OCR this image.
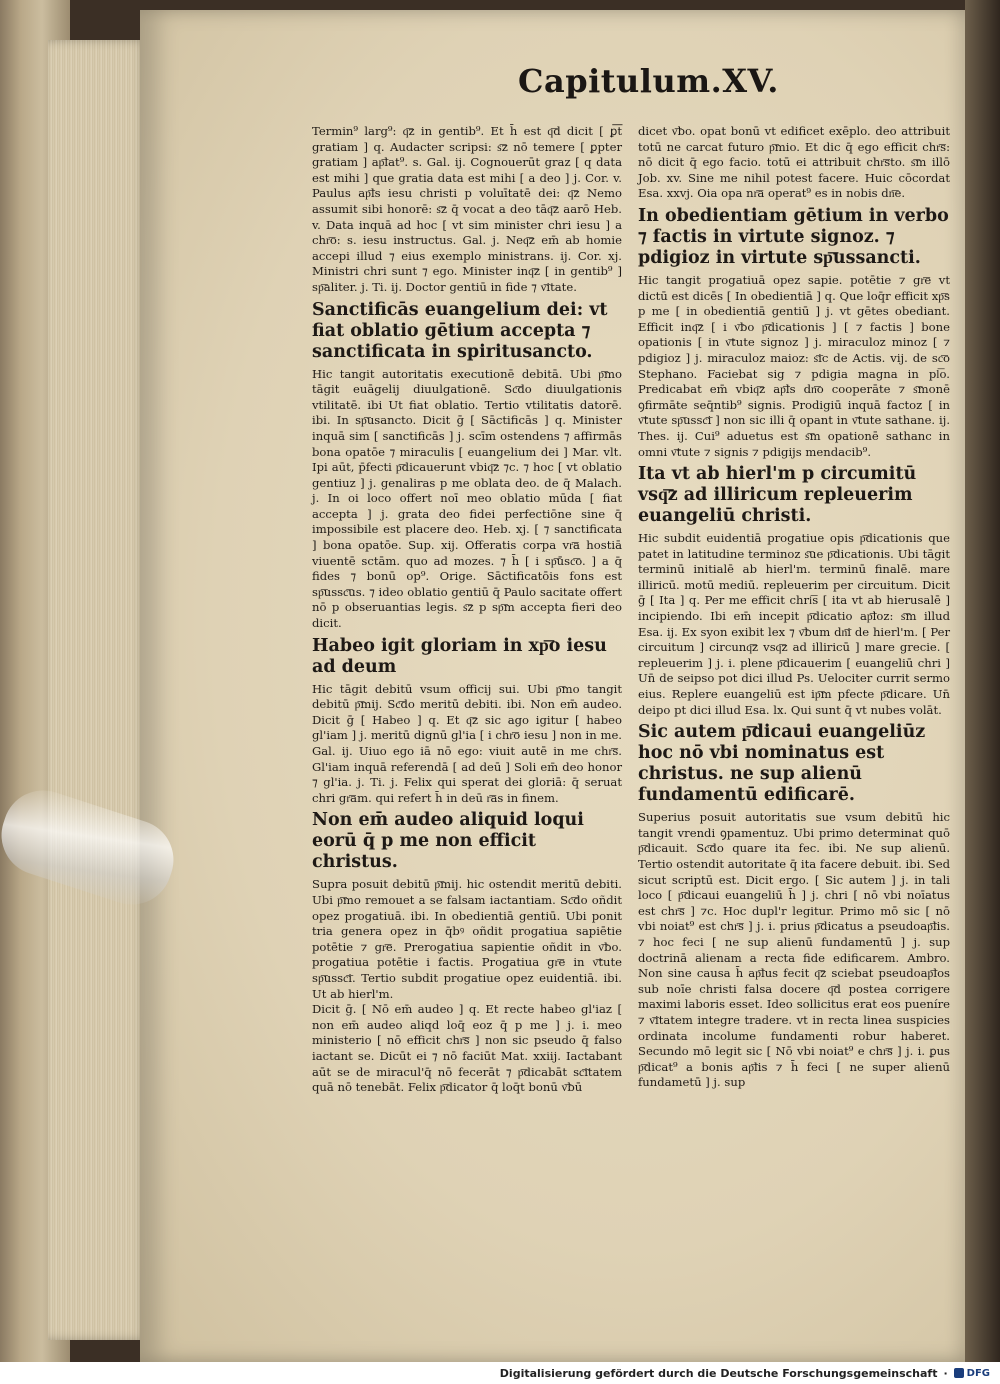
Capitulum.XV.

Termin⁹ larg⁹: q͞z in gentib⁹. Et h̄ est q͞d dicit [ ꝑ͞t gratiam ] q. Audacter scripsi: s͞z nō temere [ ꝑpter gratiam ] ap͞lat⁹. s. Gal. ij. Cognouerūt graz [ q data est mihi ] que gratia data est mihi [ a deo ] j. Cor. v. Paulus ap͞ls iesu christi p voluītatē dei: q͞z Nemo assumit sibi honorē: s͞z q̄ vocat a deo tāq͞z aarō Heb. v. Data inquā ad hoc [ vt sim minister chri iesu ] a chr͞o: s. iesu instructus. Gal. j. Neq͞z em̄ ab homie accepi illud ⁊ eius exemplo ministrans. ij. Cor. xj. Ministri chri sunt ⁊ ego. Minister inq͞z [ in gentib⁹ ] sp͞aliter. j. Ti. ij. Doctor gentiū in fide ⁊ v͞itate.

Sanctificās euangelium dei: vt fiat oblatio gētium accepta ⁊ sanctificata in spiritusancto.

Hic tangit autoritatis executionē debitā. Ubi p͞mo tāgit euāgelij diuulgationē. Sc͞do diuulgationis vtilitatē. ibi Ut fiat oblatio. Tertio vtilitatis datorē. ibi. In sp͞usancto. Dicit ḡ [ Sāctificās ] q. Minister inquā sim [ sanctificās ] j. scīm ostendens ⁊ affirmās bona opatōe ⁊ miraculis [ euangelium dei ] Mar. vlt. Ipi aūt, p̄fecti p͞dicauerunt vbiq͞z ⁊c. ⁊ hoc [ vt oblatio gentiuz ] j. genaliras p me oblata deo. de q̄ Malach. j. In oi loco offert noī meo oblatio mūda [ fiat accepta ] j. grata deo fidei perfectiōne sine q̄ impossibile est placere deo. Heb. xj. [ ⁊ sanctificata ] bona opatōe. Sup. xij. Offeratis corpa vr͞a hostiā viuentē sctām. quo ad mozes. ⁊ h̄ [ i sp͞ūsc͞o. ] a q̄ fides ⁊ bonū op⁹. Orige. Sāctificatōis fons est sp͞ussc͞us. ⁊ ideo oblatio gentiū q̄ Paulo sacitate offert nō p obseruantias legis. s͞z p sp͞m accepta fieri deo dicit.

Habeo igit gloriam in xp͞o iesu ad deum

Hic tāgit debitū vsum officij sui. Ubi p͞mo tangit debitū p͞mij. Sc͞do meritū debiti. ibi. Non em̄ audeo. Dicit ḡ [ Habeo ] q. Et q͞z sic ago igitur [ habeo gl'iam ] j. meritū dignū gl'ia [ i chr͞o iesu ] non in me. Gal. ij. Uiuo ego iā nō ego: viuit autē in me chr͞s. Gl'iam inquā referendā [ ad deū ] Soli em̄ deo honor ⁊ gl'ia. j. Ti. j. Felix qui sperat dei gloriā: q̄ seruat chri gr͞am. qui refert h̄ in deū r͞as in finem.

Non em̄ audeo aliquid loqui eorū q̄ p me non efficit christus.

Supra posuit debitū p͞mij. hic ostendit meritū debiti. Ubi p͞mo remouet a se falsam iactantiam. Sc͞do oñdit opez progatiuā. ibi. In obedientiā gentiū. Ubi ponit tria genera opez in q̄bꝰ oñdit progatiua sapiētie potētie ⁊ gr͞e. Prerogatiua sapientie oñdit in v͞bo. progatiua potētie i factis. Progatiua gr͞e in v͞tute sp͞ussc͞i. Tertio subdit progatiue opez euidentiā. ibi. Ut ab hierl'm.

Dicit ḡ. [ Nō em̄ audeo ] q. Et recte habeo gl'iaz [ non em̄ audeo aliqd loq̄ eoz q̄ p me ] j. i. meo ministerio [ nō efficit chr͞s ] non sic pseudo q̄ falso iactant se. Dicūt ei ⁊ nō faciūt Mat. xxiij. Iactabant aūt se de miracul'q̄ nō fecerāt ⁊ p͞dicabāt sc͞itatem quā nō tenebāt. Felix p͞dicator q̄ loq̄t bonū v͞bū

dicet v͞bo. opat bonū vt edificet exēplo. deo attribuit totū ne carcat futuro p͞mio. Et dic q̄ ego efficit chr͞s: nō dicit q̄ ego facio. totū ei attribuit chr͞sto. s͞m illō Job. xv. Sine me nihil potest facere. Huic cōcordat Esa. xxvj. Oia opa nr͞a operat⁹ es in nobis dn͞e.

In obedientiam gētium in verbo ⁊ factis in virtute signoz. ⁊ pdigioz in virtute sp͞ussancti.

Hic tangit progatiuā opez sapie. potētie ⁊ gr͞e vt dictū est dicēs [ In obedientiā ] q. Que loq̄r efficit xp͞s p me [ in obedientiā gentiū ] j. vt gētes obediant. Efficit inq͞z [ i v͞bo p͞dicationis ] [ ⁊ factis ] bone opationis [ in v͞tute signoz ] j. miraculoz minoz [ ⁊ pdigioz ] j. miraculoz maioz: s͞ic de Actis. vij. de sc͞o Stephano. Faciebat sig ⁊ pdigia magna in pl͞o. Predicabat em̄ vbiq͞z ap͞ls dn͞o cooperāte ⁊ s͞monē ꝯfirmāte seq̄ntib⁹ signis. Prodigiū inquā factoz [ in v͞tute sp͞ussc͞i ] non sic illi q̄ opant in v͞tute sathane. ij. Thes. ij. Cui⁹ aduetus est s͞m opationē sathanc in omni v͞tute ⁊ signis ⁊ pdigijs mendacib⁹.

Ita vt ab hierl'm p circumitū vsq͞z ad illiricum repleuerim euangeliū christi.

Hic subdit euidentiā progatiue opis p͞dicationis que patet in latitudine terminoz s͞ue p͞dicationis. Ubi tāgit terminū initialē ab hierl'm. terminū finalē. mare illiricū. motū mediū. repleuerim per circuitum. Dicit ḡ [ Ita ] q. Per me efficit chri͞s [ ita vt ab hierusalē ] incipiendo. Ibi em̄ incepit p͞dicatio ap͞loz: s͞m illud Esa. ij. Ex syon exibit lex ⁊ v͞bum dn͞i de hierl'm. [ Per circuitum ] circunq͞z vsq͞z ad illiricū ] mare grecie. [ repleuerim ] j. i. plene p͞dicauerim [ euangeliū chri ] Un̄ de seipso pot dici illud Ps. Uelociter currit sermo eius. Replere euangeliū est ip͞m pfecte p͞dicare. Un̄ deipo pt dici illud Esa. lx. Qui sunt q̄ vt nubes volāt.

Sic autem p͞dicaui euangeliūz hoc nō vbi nominatus est christus. ne sup alienū fundamentū edificarē.

Superius posuit autoritatis sue vsum debitū hic tangit vrendi ꝯpamentuz. Ubi primo determinat quō p͞dicauit. Sc͞do quare ita fec. ibi. Ne sup alienū. Tertio ostendit autoritate q̄ ita facere debuit. ibi. Sed sicut scriptū est. Dicit ergo. [ Sic autem ] j. in tali loco [ p͞dicaui euangeliū h̄ ] j. chri [ nō vbi noīatus est chr͞s ] ⁊c. Hoc dupl'r legitur. Primo mō sic [ nō vbi noiat⁹ est chr͞s ] j. i. prius p͞dicatus a pseudoap͞lis. ⁊ hoc feci [ ne sup alienū fundamentū ] j. sup doctrinā alienam a recta fide edificarem. Ambro. Non sine causa h̄ ap͞lus fecit q͞z sciebat pseudoap͞los sub noīe christi falsa docere q͞d postea corrigere maximi laboris esset. Ideo sollicitus erat eos pueníre ⁊ v͞itatem integre tradere. vt in recta linea suspicies ordinata incolume fundamenti robur haberet. Secundo mō legit sic [ Nō vbi noiat⁹ e chr͞s ] j. i. ꝑus p͞dicat⁹ a bonis ap͞lis ⁊ h̄ feci [ ne super alienū fundametū ] j. sup

Digitalisierung gefördert durch die Deutsche Forschungsgemeinschaft · DFG
